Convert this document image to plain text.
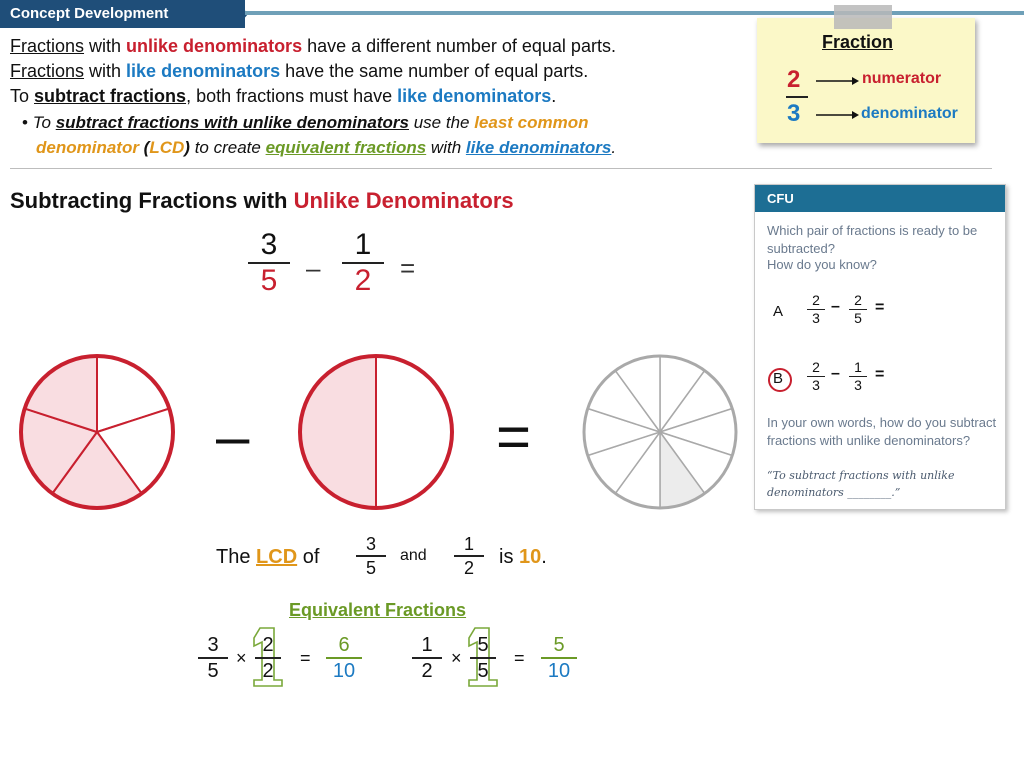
Concept Development
Fractions with unlike denominators have a different number of equal parts.
Fractions with like denominators have the same number of equal parts.
To subtract fractions, both fractions must have like denominators.
• To subtract fractions with unlike denominators use the least common
denominator (LCD) to create equivalent fractions with like denominators.
Fraction
2
3
numerator
denominator
Subtracting Fractions with Unlike Denominators
3
5	–
1
2	=
–	=
The LCD of
3
5
and
1
2	is 10.
Equivalent Fractions
3
5
×
2
2
=
6
10
1
2
×
5
5
=
5
10
CFU
Which pair of fractions is ready to be subtracted?
How do you know?
A
2
3
–	2
5
=
B
2
3
–	1
3
=
In your own words, how do you subtract fractions with unlike denominators?
“To subtract fractions with unlike denominators ________.”
